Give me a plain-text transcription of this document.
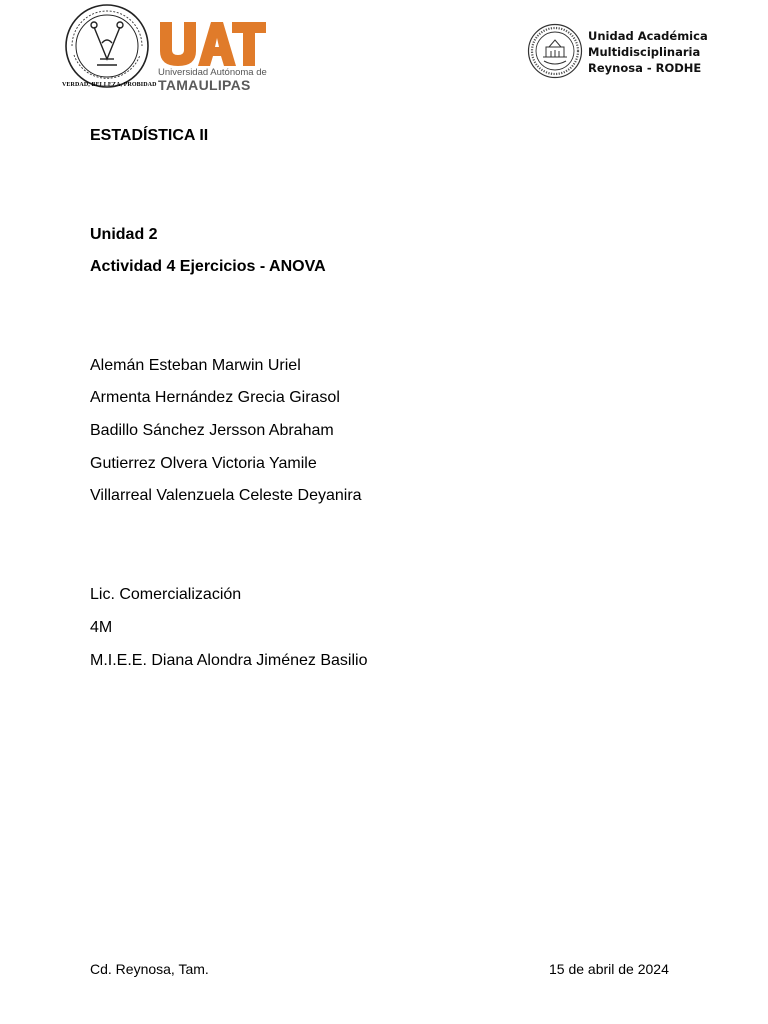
VERDAD, BELLEZA, PROBIDAD
Universidad Autónoma de
TAMAULIPAS
Unidad Académica
Multidisciplinaria
Reynosa - RODHE
ESTADÍSTICA II
Unidad 2
Actividad 4 Ejercicios - ANOVA
Alemán Esteban Marwin Uriel
Armenta Hernández Grecia Girasol
Badillo Sánchez Jersson Abraham
Gutierrez Olvera Victoria Yamile
Villarreal Valenzuela Celeste Deyanira
Lic. Comercialización
4M
M.I.E.E. Diana Alondra Jiménez Basilio
Cd. Reynosa, Tam.	15 de abril de 2024
